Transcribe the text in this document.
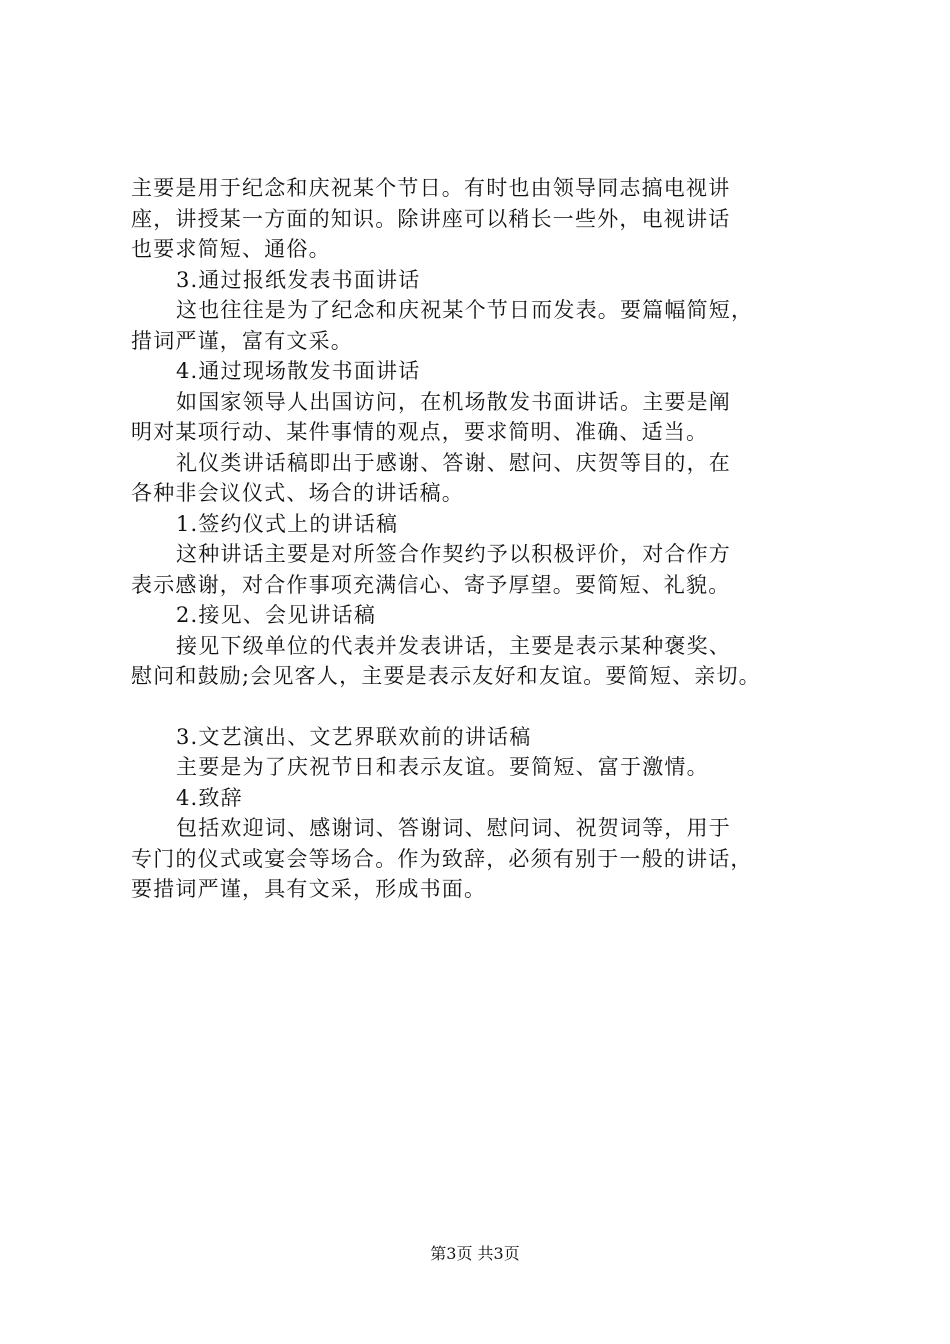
主要是用于纪念和庆祝某个节日。有时也由领导同志搞电视讲
座，讲授某一方面的知识。除讲座可以稍长一些外，电视讲话
也要求简短、通俗。
3.通过报纸发表书面讲话
这也往往是为了纪念和庆祝某个节日而发表。要篇幅简短，
措词严谨，富有文采。
4.通过现场散发书面讲话
如国家领导人出国访问，在机场散发书面讲话。主要是阐
明对某项行动、某件事情的观点，要求简明、准确、适当。
礼仪类讲话稿即出于感谢、答谢、慰问、庆贺等目的，在
各种非会议仪式、场合的讲话稿。
1.签约仪式上的讲话稿
这种讲话主要是对所签合作契约予以积极评价，对合作方
表示感谢，对合作事项充满信心、寄予厚望。要简短、礼貌。
2.接见、会见讲话稿
接见下级单位的代表并发表讲话，主要是表示某种褒奖、
慰问和鼓励;会见客人，主要是表示友好和友谊。要简短、亲切。
3.文艺演出、文艺界联欢前的讲话稿
主要是为了庆祝节日和表示友谊。要简短、富于激情。
4.致辞
包括欢迎词、感谢词、答谢词、慰问词、祝贺词等，用于
专门的仪式或宴会等场合。作为致辞，必须有别于一般的讲话，
要措词严谨，具有文采，形成书面。
第3页 共3页
